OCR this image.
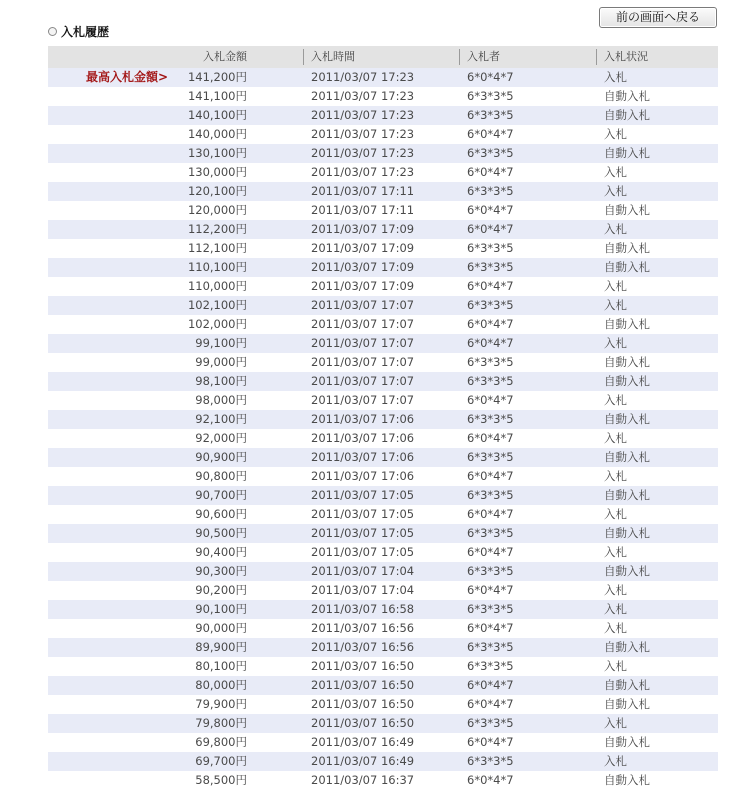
前の画面へ戻る
入札履歴
入札金額	入札時間	入札者	入札状況
最高入札金額> 141,200円	2011/03/07 17:23	6*0*4*7	入札
141,100円	2011/03/07 17:23	6*3*3*5	自動入札
140,100円	2011/03/07 17:23	6*3*3*5	自動入札
140,000円	2011/03/07 17:23	6*0*4*7	入札
130,100円	2011/03/07 17:23	6*3*3*5	自動入札
130,000円	2011/03/07 17:23	6*0*4*7	入札
120,100円	2011/03/07 17:11	6*3*3*5	入札
120,000円	2011/03/07 17:11	6*0*4*7	自動入札
112,200円	2011/03/07 17:09	6*0*4*7	入札
112,100円	2011/03/07 17:09	6*3*3*5	自動入札
110,100円	2011/03/07 17:09	6*3*3*5	自動入札
110,000円	2011/03/07 17:09	6*0*4*7	入札
102,100円	2011/03/07 17:07	6*3*3*5	入札
102,000円	2011/03/07 17:07	6*0*4*7	自動入札
99,100円	2011/03/07 17:07	6*0*4*7	入札
99,000円	2011/03/07 17:07	6*3*3*5	自動入札
98,100円	2011/03/07 17:07	6*3*3*5	自動入札
98,000円	2011/03/07 17:07	6*0*4*7	入札
92,100円	2011/03/07 17:06	6*3*3*5	自動入札
92,000円	2011/03/07 17:06	6*0*4*7	入札
90,900円	2011/03/07 17:06	6*3*3*5	自動入札
90,800円	2011/03/07 17:06	6*0*4*7	入札
90,700円	2011/03/07 17:05	6*3*3*5	自動入札
90,600円	2011/03/07 17:05	6*0*4*7	入札
90,500円	2011/03/07 17:05	6*3*3*5	自動入札
90,400円	2011/03/07 17:05	6*0*4*7	入札
90,300円	2011/03/07 17:04	6*3*3*5	自動入札
90,200円	2011/03/07 17:04	6*0*4*7	入札
90,100円	2011/03/07 16:58	6*3*3*5	入札
90,000円	2011/03/07 16:56	6*0*4*7	入札
89,900円	2011/03/07 16:56	6*3*3*5	自動入札
80,100円	2011/03/07 16:50	6*3*3*5	入札
80,000円	2011/03/07 16:50	6*0*4*7	自動入札
79,900円	2011/03/07 16:50	6*0*4*7	自動入札
79,800円	2011/03/07 16:50	6*3*3*5	入札
69,800円	2011/03/07 16:49	6*0*4*7	自動入札
69,700円	2011/03/07 16:49	6*3*3*5	入札
58,500円	2011/03/07 16:37	6*0*4*7	自動入札
